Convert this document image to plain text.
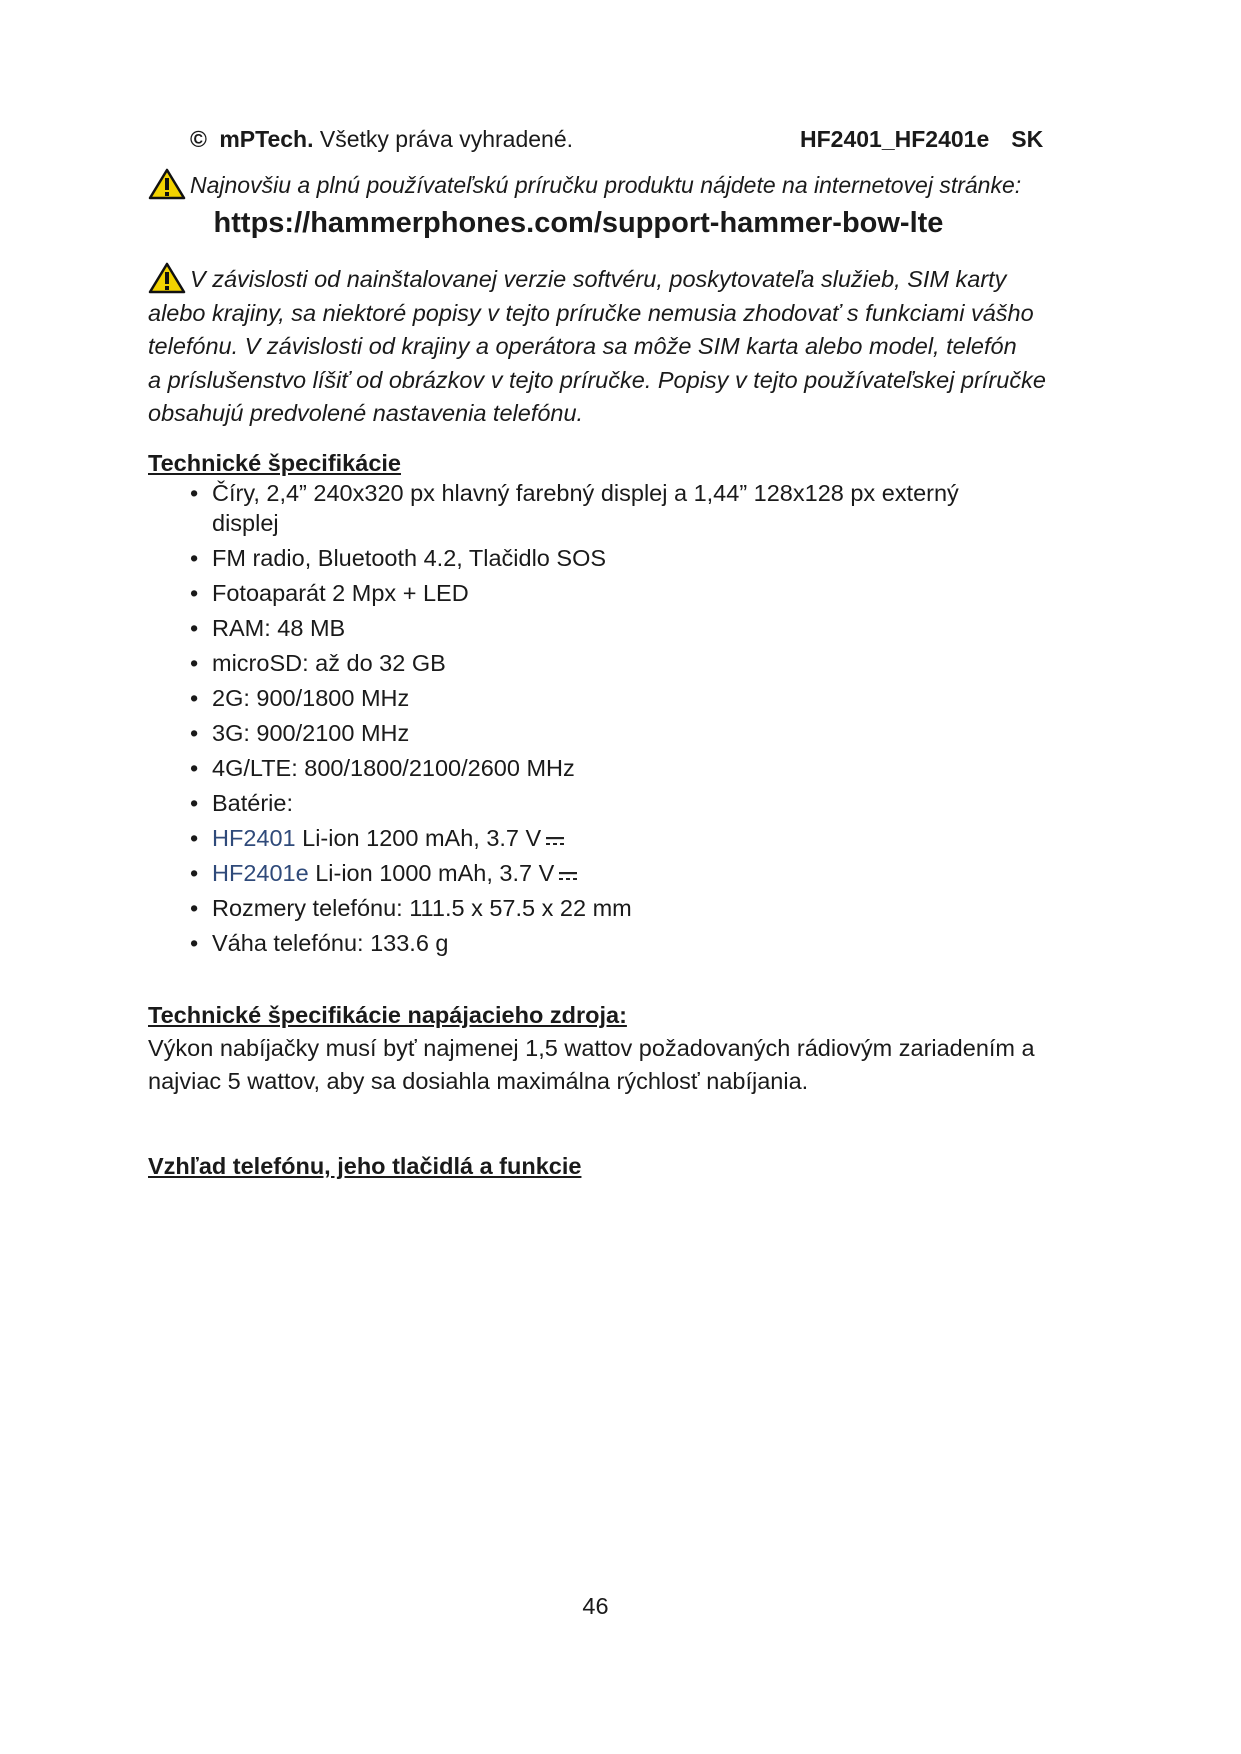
© mPTech. Všetky práva vyhradené.	HF2401_HF2401e SK
Najnovšiu a plnú používateľskú príručku produktu nájdete na internetovej stránke:
https://hammerphones.com/support-hammer-bow-lte
V závislosti od nainštalovanej verzie softvéru, poskytovateľa služieb, SIM karty
alebo krajiny, sa niektoré popisy v tejto príručke nemusia zhodovať s funkciami vášho
telefónu. V závislosti od krajiny a operátora sa môže SIM karta alebo model, telefón
a príslušenstvo líšiť od obrázkov v tejto príručke. Popisy v tejto používateľskej príručke
obsahujú predvolené nastavenia telefónu.
Technické špecifikácie
• Číry, 2,4” 240x320 px hlavný farebný displej a 1,44” 128x128 px externý
displej
• FM radio, Bluetooth 4.2, Tlačidlo SOS
• Fotoaparát 2 Mpx + LED
• RAM: 48 MB
• microSD: až do 32 GB
• 2G: 900/1800 MHz
• 3G: 900/2100 MHz
• 4G/LTE: 800/1800/2100/2600 MHz
• Batérie:
• HF2401 Li-ion 1200 mAh, 3.7 V
• HF2401e Li-ion 1000 mAh, 3.7 V
• Rozmery telefónu: 111.5 x 57.5 x 22 mm
• Váha telefónu: 133.6 g
Technické špecifikácie napájacieho zdroja:
Výkon nabíjačky musí byť najmenej 1,5 wattov požadovaných rádiovým zariadením a
najviac 5 wattov, aby sa dosiahla maximálna rýchlosť nabíjania.
Vzhľad telefónu, jeho tlačidlá a funkcie
46
